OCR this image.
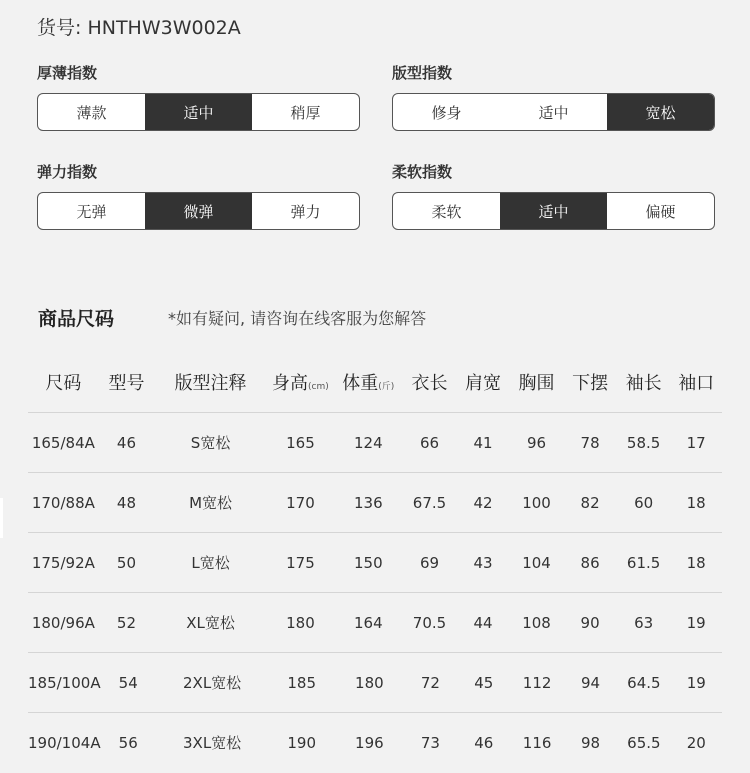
货号: HNTHW3W002A
厚薄指数
薄款	适中	稍厚
版型指数
修身	适中	宽松
弹力指数
无弹	微弹	弹力
柔软指数
柔软	适中	偏硬
商品尺码	*如有疑问, 请咨询在线客服为您解答
尺码	型号	版型注释	身高(cm) 体重(斤) 衣长 肩宽 胸围 下摆 袖长 袖口
165/84A	46	S宽松	165	124	66	41	96	78	58.5	17
170/88A	48	M宽松	170	136	67.5	42	100	82	60	18
175/92A	50	L宽松	175	150	69	43	104	86	61.5	18
180/96A	52	XL宽松	180	164	70.5	44	108	90	63	19
185/100A	54	2XL宽松	185	180	72	45	112	94	64.5	19
190/104A	56	3XL宽松	190	196	73	46	116	98	65.5	20
